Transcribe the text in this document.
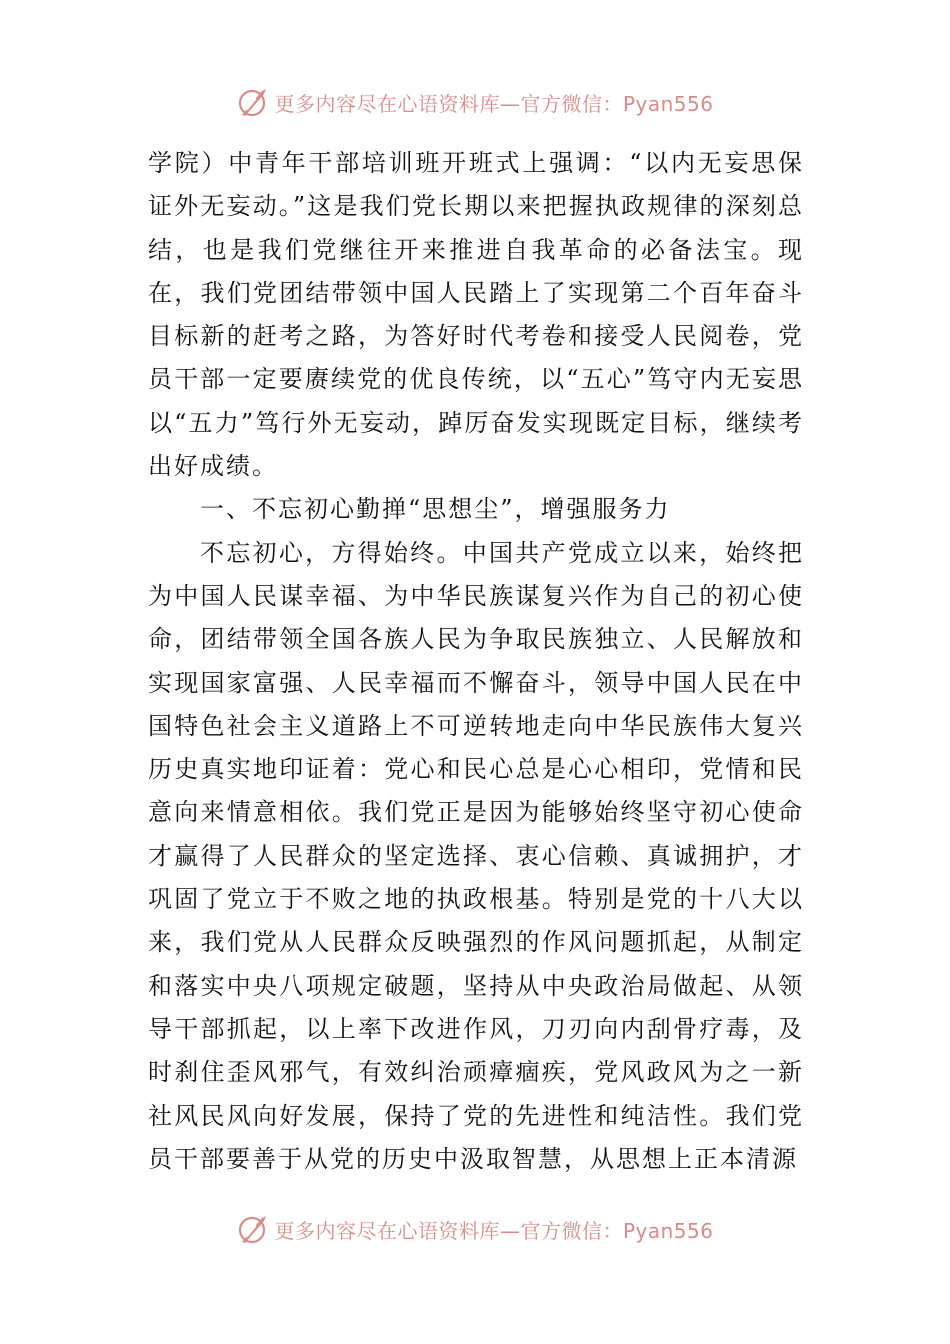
更多内容尽在心语资料库—官方微信：Pyan556

学院）中青年干部培训班开班式上强调：“以内无妄思保证外无妄动。”这是我们党长期以来把握执政规律的深刻总结，也是我们党继往开来推进自我革命的必备法宝。现在，我们党团结带领中国人民踏上了实现第二个百年奋斗目标新的赶考之路，为答好时代考卷和接受人民阅卷，党员干部一定要赓续党的优良传统，以“五心”笃守内无妄思以“五力”笃行外无妄动，踔厉奋发实现既定目标，继续考出好成绩。

一、不忘初心勤掸“思想尘”，增强服务力

不忘初心，方得始终。中国共产党成立以来，始终把为中国人民谋幸福、为中华民族谋复兴作为自己的初心使命，团结带领全国各族人民为争取民族独立、人民解放和实现国家富强、人民幸福而不懈奋斗，领导中国人民在中国特色社会主义道路上不可逆转地走向中华民族伟大复兴历史真实地印证着：党心和民心总是心心相印，党情和民意向来情意相依。我们党正是因为能够始终坚守初心使命才赢得了人民群众的坚定选择、衷心信赖、真诚拥护，才巩固了党立于不败之地的执政根基。特别是党的十八大以来，我们党从人民群众反映强烈的作风问题抓起，从制定和落实中央八项规定破题，坚持从中央政治局做起、从领导干部抓起，以上率下改进作风，刀刃向内刮骨疗毒，及时刹住歪风邪气，有效纠治顽瘴痼疾，党风政风为之一新社风民风向好发展，保持了党的先进性和纯洁性。我们党员干部要善于从党的历史中汲取智慧，从思想上正本清源

更多内容尽在心语资料库—官方微信：Pyan556
